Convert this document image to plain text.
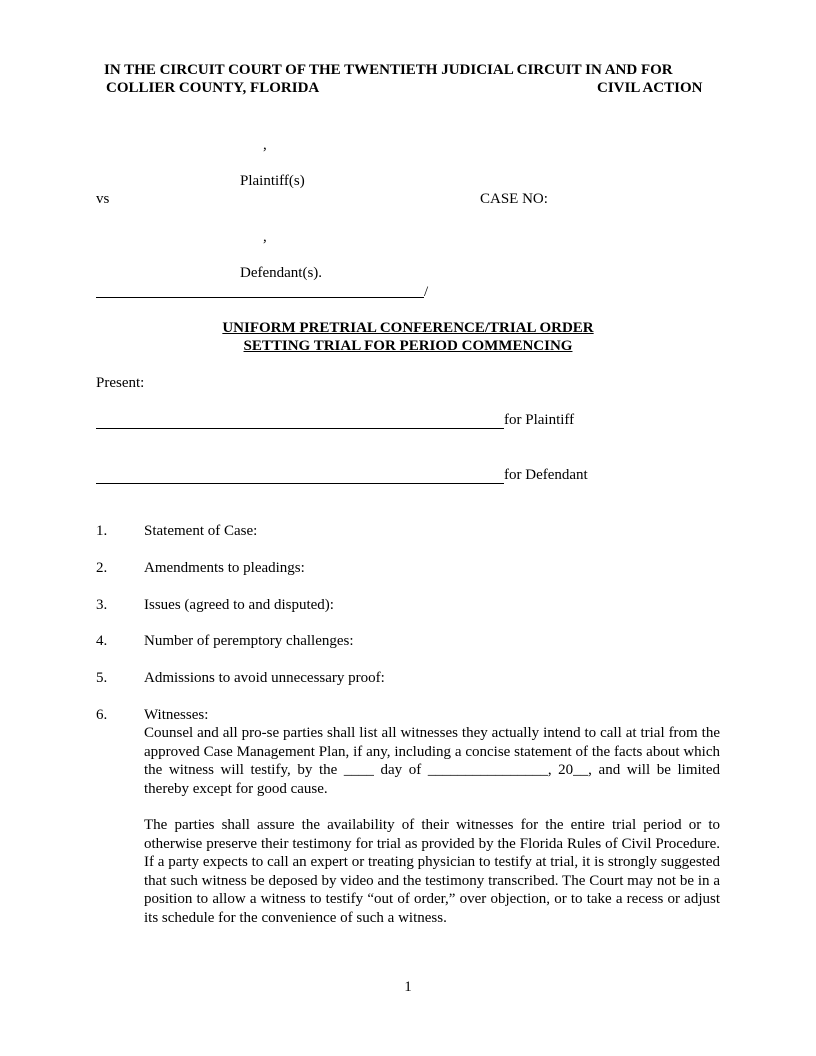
IN THE CIRCUIT COURT OF THE TWENTIETH JUDICIAL CIRCUIT IN AND FOR
COLLIER COUNTY, FLORIDA	CIVIL ACTION
,
Plaintiff(s)
vs	CASE NO:
,
Defendant(s).
/
UNIFORM PRETRIAL CONFERENCE/TRIAL ORDER
SETTING TRIAL FOR PERIOD COMMENCING
Present:
for Plaintiff
for Defendant
1. Statement of Case:
2. Amendments to pleadings:
3. Issues (agreed to and disputed):
4. Number of peremptory challenges:
5. Admissions to avoid unnecessary proof:
6. Witnesses:
Counsel and all pro-se parties shall list all witnesses they actually intend to call at trial from the approved Case Management Plan, if any, including a concise statement of the facts about which the witness will testify, by the ____ day of ________________, 20__, and will be limited thereby except for good cause.
The parties shall assure the availability of their witnesses for the entire trial period or to otherwise preserve their testimony for trial as provided by the Florida Rules of Civil Procedure. If a party expects to call an expert or treating physician to testify at trial, it is strongly suggested that such witness be deposed by video and the testimony transcribed. The Court may not be in a position to allow a witness to testify “out of order,” over objection, or to take a recess or adjust its schedule for the convenience of such a witness.
1
